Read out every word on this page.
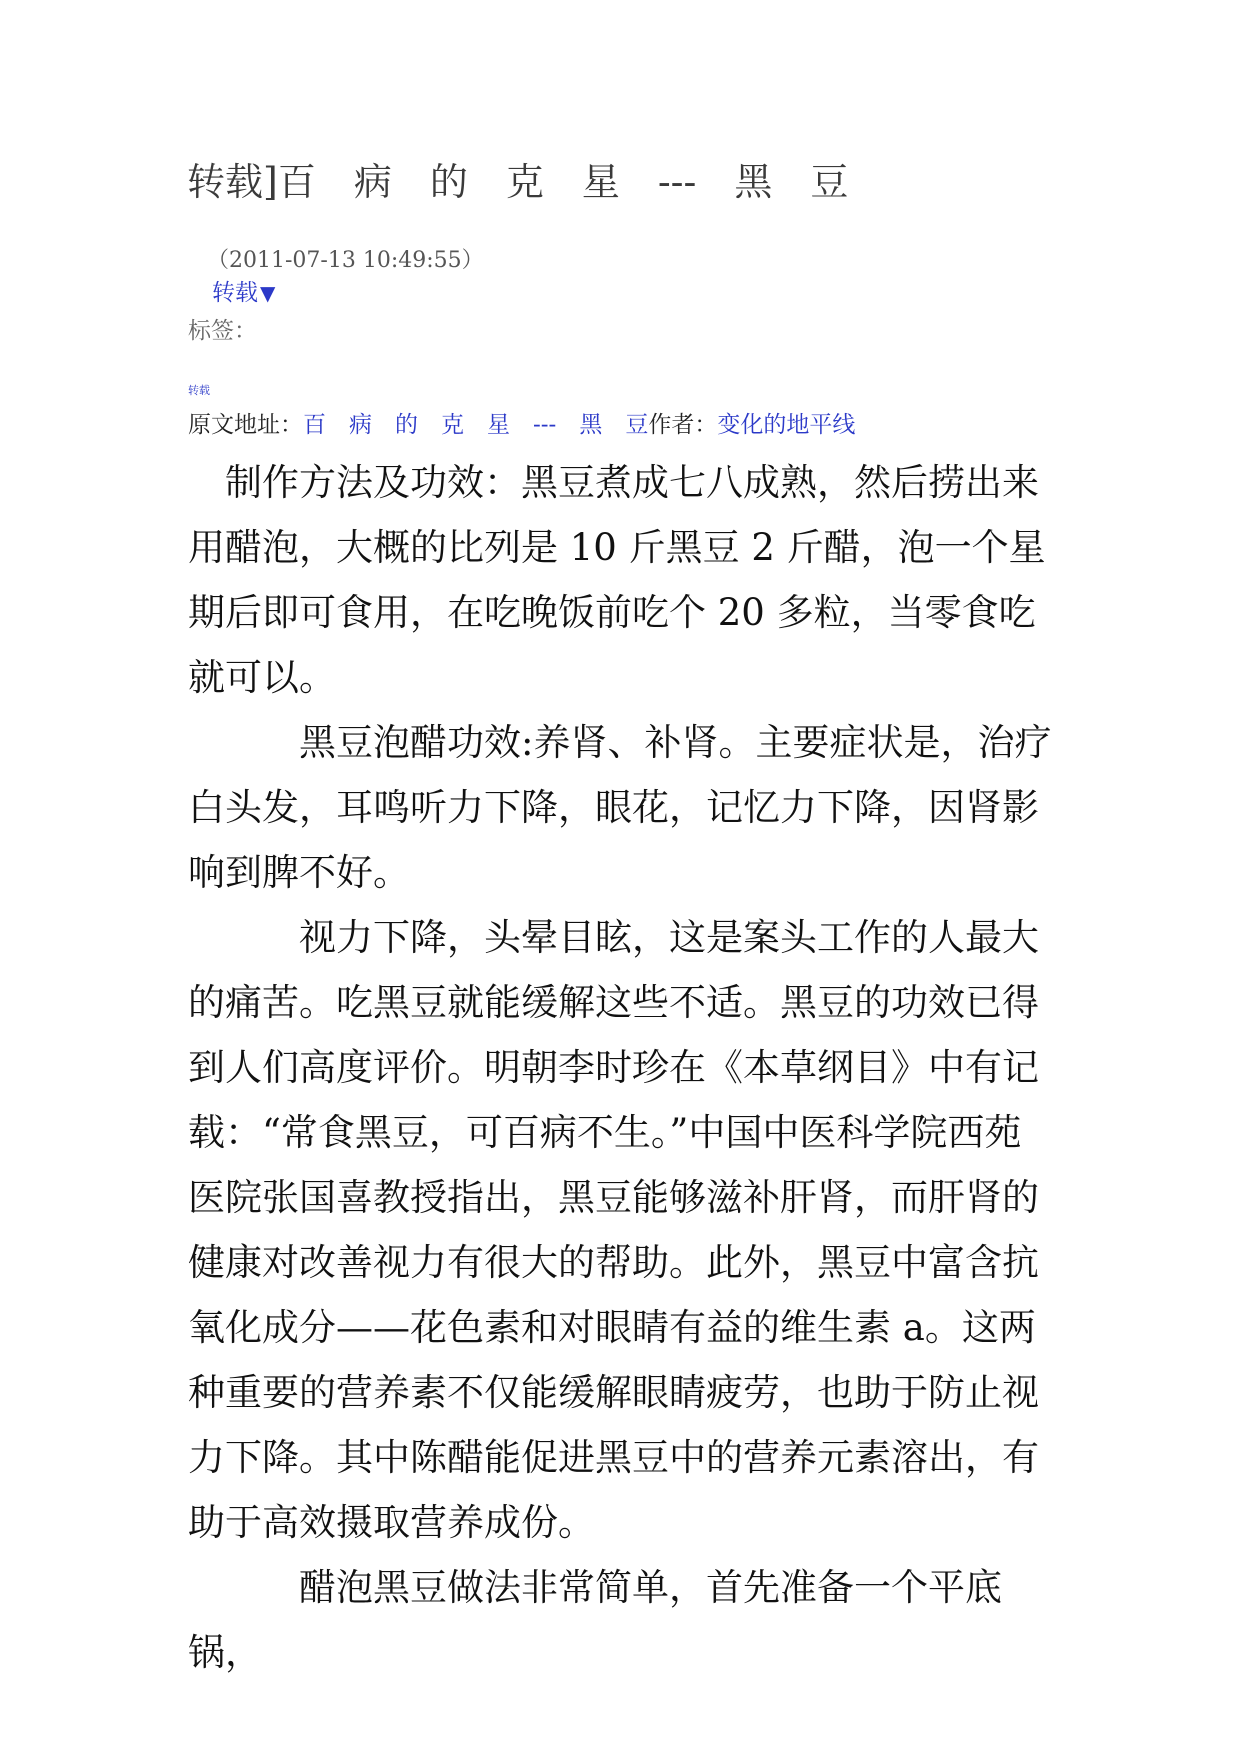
转载]百　病　的　克　星　---　黑　豆
（2011-07-13 10:49:55）
转载 ▼
标签：
转载
原文地址：百　病　的　克　星　---　黑　豆作者：变化的地平线

制作方法及功效：黑豆煮成七八成熟，然后捞出来用醋泡，大概的比列是 10 斤黑豆 2 斤醋，泡一个星期后即可食用，在吃晚饭前吃个 20 多粒，当零食吃就可以。

黑豆泡醋功效:养肾、补肾。主要症状是，治疗白头发，耳鸣听力下降，眼花，记忆力下降，因肾影响到脾不好。

视力下降，头晕目眩，这是案头工作的人最大的痛苦。吃黑豆就能缓解这些不适。黑豆的功效已得到人们高度评价。明朝李时珍在《本草纲目》中有记载：“常食黑豆，可百病不生。”中国中医科学院西苑医院张国喜教授指出，黑豆能够滋补肝肾，而肝肾的健康对改善视力有很大的帮助。此外，黑豆中富含抗氧化成分——花色素和对眼睛有益的维生素 a。这两种重要的营养素不仅能缓解眼睛疲劳，也助于防止视力下降。其中陈醋能促进黑豆中的营养元素溶出，有助于高效摄取营养成份。

醋泡黑豆做法非常简单，首先准备一个平底锅，
